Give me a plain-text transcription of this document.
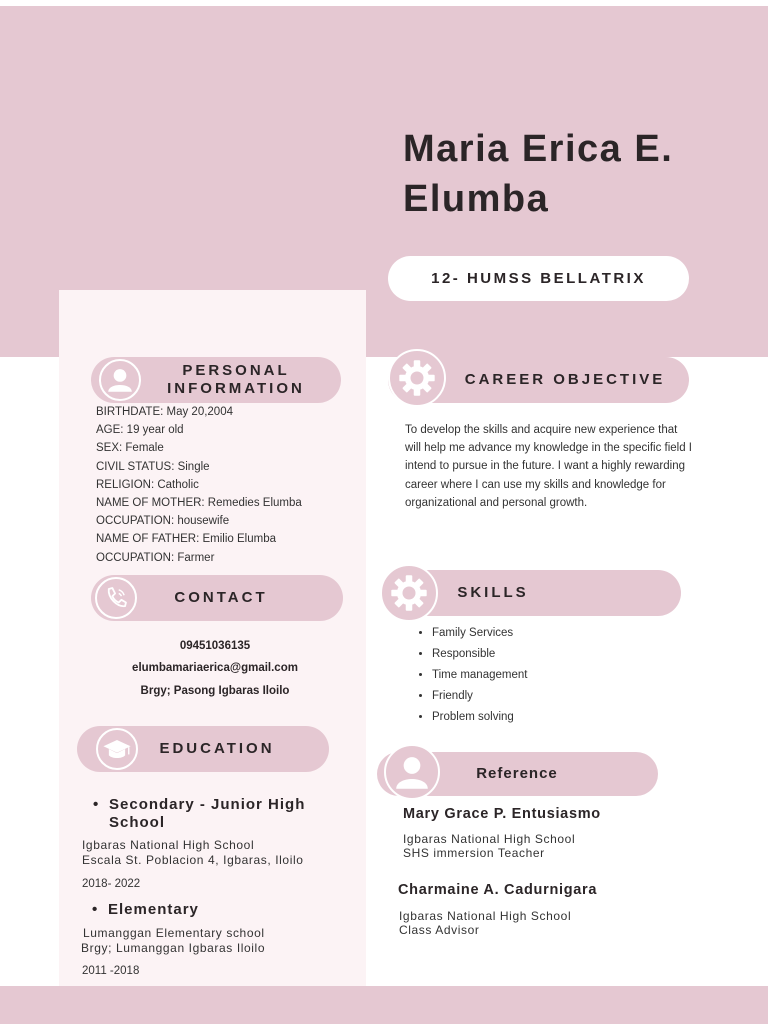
Maria Erica E.
Elumba
12- HUMSS BELLATRIX
PERSONAL
INFORMATION
BIRTHDATE: May 20,2004
AGE: 19 year old
SEX: Female
CIVIL STATUS: Single
RELIGION: Catholic
NAME OF MOTHER: Remedies Elumba
OCCUPATION: housewife
NAME OF FATHER: Emilio Elumba
OCCUPATION: Farmer
CONTACT
09451036135
elumbamariaerica@gmail.com
Brgy; Pasong Igbaras Iloilo
EDUCATION
• Secondary - Junior High
School
Igbaras National High School
Escala St. Poblacion 4, Igbaras, Iloilo
2018- 2022
• Elementary
Lumanggan Elementary school
Brgy; Lumanggan Igbaras Iloilo
2011 -2018
CAREER OBJECTIVE
To develop the skills and acquire new experience that will help me advance my knowledge in the specific field I intend to pursue in the future. I want a highly rewarding career where I can use my skills and knowledge for organizational and personal growth.
SKILLS
• Family Services
• Responsible
• Time management
• Friendly
• Problem solving
Reference
Mary Grace P. Entusiasmo
Igbaras National High School
SHS immersion Teacher
Charmaine A. Cadurnigara
Igbaras National High School
Class Advisor
